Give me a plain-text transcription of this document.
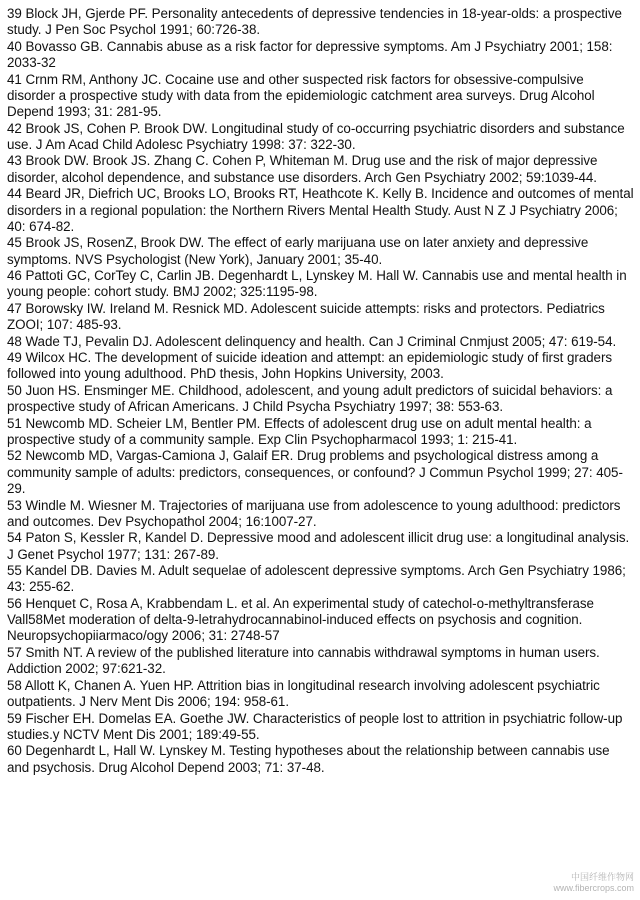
39 Block JH, Gjerde PF. Personality antecedents of depressive tendencies in 18-year-olds: a prospective study. J Pen Soc Psychol 1991; 60:726-38.
40 Bovasso GB. Cannabis abuse as a risk factor for depressive symptoms. Am J Psychiatry 2001; 158: 2033-32
41 Crnm RM, Anthony JC. Cocaine use and other suspected risk factors for obsessive-compulsive disorder a prospective study with data from the epidemiologic catchment area surveys. Drug Alcohol Depend 1993; 31: 281-95.
42 Brook JS, Cohen P. Brook DW. Longitudinal study of co-occurring psychiatric disorders and substance use. J Am Acad Child Adolesc Psychiatry 1998: 37: 322-30.
43 Brook DW. Brook JS. Zhang C. Cohen P, Whiteman M. Drug use and the risk of major depressive disorder, alcohol dependence, and substance use disorders. Arch Gen Psychiatry 2002; 59:1039-44.
44 Beard JR, Diefrich UC, Brooks LO, Brooks RT, Heathcote K. Kelly B. Incidence and outcomes of mental disorders in a regional population: the Northern Rivers Mental Health Study. Aust N Z J Psychiatry 2006; 40: 674-82.
45 Brook JS, RosenZ, Brook DW. The effect of early marijuana use on later anxiety and depressive symptoms. NVS Psychologist (New York), January 2001; 35-40.
46 Pattoti GC, CorTey C, Carlin JB. Degenhardt L, Lynskey M. Hall W. Cannabis use and mental health in young people: cohort study. BMJ 2002; 325:1195-98.
47 Borowsky IW. Ireland M. Resnick MD. Adolescent suicide attempts: risks and protectors. Pediatrics ZOOI; 107: 485-93.
48 Wade TJ, Pevalin DJ. Adolescent delinquency and health. Can J Criminal Cnmjust 2005; 47: 619-54.
49 Wilcox HC. The development of suicide ideation and attempt: an epidemiologic study of first graders followed into young adulthood. PhD thesis, John Hopkins University, 2003.
50 Juon HS. Ensminger ME. Childhood, adolescent, and young adult predictors of suicidal behaviors: a prospective study of African Americans. J Child Psycha Psychiatry 1997; 38: 553-63.
51 Newcomb MD. Scheier LM, Bentler PM. Effects of adolescent drug use on adult mental health: a prospective study of a community sample. Exp Clin Psychopharmacol 1993; 1: 215-41.
52 Newcomb MD, Vargas-Camiona J, Galaif ER. Drug problems and psychological distress among a community sample of adults: predictors, consequences, or confound? J Commun Psychol 1999; 27: 405-29.
53 Windle M. Wiesner M. Trajectories of marijuana use from adolescence to young adulthood: predictors and outcomes. Dev Psychopathol 2004; 16:1007-27.
54 Paton S, Kessler R, Kandel D. Depressive mood and adolescent illicit drug use: a longitudinal analysis. J Genet Psychol 1977; 131: 267-89.
55 Kandel DB. Davies M. Adult sequelae of adolescent depressive symptoms. Arch Gen Psychiatry 1986; 43: 255-62.
56 Henquet C, Rosa A, Krabbendam L. et al. An experimental study of catechol-o-methyltransferase Vall58Met moderation of delta-9-letrahydrocannabinol-induced effects on psychosis and cognition. Neuropsychopiiarmaco/ogy 2006; 31: 2748-57
57 Smith NT. A review of the published literature into cannabis withdrawal symptoms in human users. Addiction 2002; 97:621-32.
58 Allott K, Chanen A. Yuen HP. Attrition bias in longitudinal research involving adolescent psychiatric outpatients. J Nerv Ment Dis 2006; 194: 958-61.
59 Fischer EH. Domelas EA. Goethe JW. Characteristics of people lost to attrition in psychiatric follow-up studies.y NCTV Ment Dis 2001; 189:49-55.
60 Degenhardt L, Hall W. Lynskey M. Testing hypotheses about the relationship between cannabis use and psychosis. Drug Alcohol Depend 2003; 71: 37-48.
中国纤维作物网
www.fibercrops.com
